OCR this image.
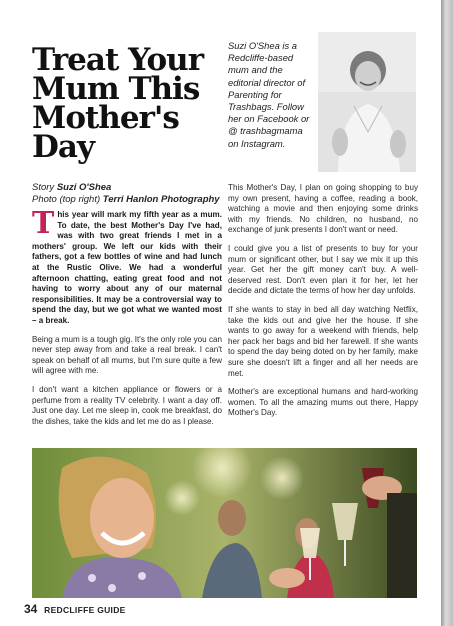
Treat Your Mum This Mother's Day
Suzi O'Shea is a Redcliffe-based mum and the editorial director of Parenting for Trashbags. Follow her on Facebook or @ trashbagmama on Instagram.
Story Suzi O'Shea
Photo (top right) Terri Hanlon Photography

This year will mark my fifth year as a mum. To date, the best Mother's Day I've had, was with two great friends I met in a mothers' group. We left our kids with their fathers, got a few bottles of wine and had lunch at the Rustic Olive. We had a wonderful afternoon chatting, eating great food and not having to worry about any of our maternal responsibilities. It may be a controversial way to spend the day, but we got what we wanted most – a break.

Being a mum is a tough gig. It's the only role you can never step away from and take a real break. I can't speak on behalf of all mums, but I'm sure quite a few will agree with me.

I don't want a kitchen appliance or flowers or a perfume from a reality TV celebrity. I want a day off. Just one day. Let me sleep in, cook me breakfast, do the dishes, take the kids and let me do as I please.

This Mother's Day, I plan on going shopping to buy my own present, having a coffee, reading a book, watching a movie and then enjoying some drinks with my friends. No children, no husband, no exchange of junk presents I don't want or need.

I could give you a list of presents to buy for your mum or significant other, but I say we mix it up this year. Get her the gift money can't buy. A well-deserved rest. Don't even plan it for her, let her decide and dictate the terms of how her day unfolds.

If she wants to stay in bed all day watching Netflix, take the kids out and give her the house. If she wants to go away for a weekend with friends, help her pack her bags and bid her farewell. If she wants to spend the day being doted on by her family, make sure she doesn't lift a finger and all her needs are met.

Mother's are exceptional humans and hard-working women. To all the amazing mums out there, Happy Mother's Day.

34 REDCLIFFE GUIDE
